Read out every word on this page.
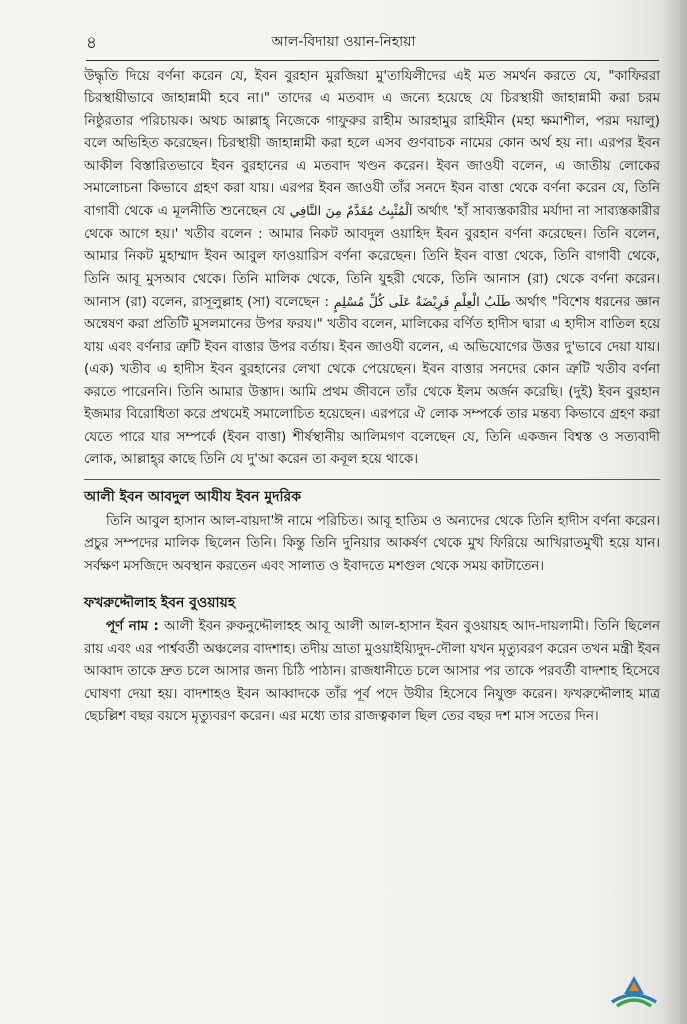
৪	আল-বিদায়া ওয়ান-নিহায়া

উদ্ধৃতি দিয়ে বর্ণনা করেন যে, ইবন বুরহান মুরজিয়া মু'তাযিলীদের এই মত সমর্থন করতে যে, "কাফিররা চিরস্থায়ীভাবে জাহান্নামী হবে না।" তাদের এ মতবাদ এ জন্যে হয়েছে যে চিরস্থায়ী জাহান্নামী করা চরম নিষ্ঠুরতার পরিচায়ক। অথচ আল্লাহ্ নিজেকে গাফুরুর রাহীম আরহামুর রাহিমীন (মহা ক্ষমাশীল, পরম দয়ালু) বলে অভিহিত করেছেন। চিরস্থায়ী জাহান্নামী করা হলে এসব গুণবাচক নামের কোন অর্থ হয় না। এরপর ইবন আকীল বিস্তারিতভাবে ইবন বুরহানের এ মতবাদ খণ্ডন করেন। ইবন জাওযী বলেন, এ জাতীয় লোকের সমালোচনা কিভাবে গ্রহণ করা যায়। এরপর ইবন জাওযী তাঁর সনদে ইবন বাত্তা থেকে বর্ণনা করেন যে, তিনি বাগাবী থেকে এ মূলনীতি শুনেছেন যে اَلْمُثْبِتُ مُقَدَّمٌ مِنَ النَّافِي অর্থাৎ 'হাঁ সাব্যস্তকারীর মর্যাদা না সাব্যস্তকারীর থেকে আগে হয়।' খতীব বলেন : আমার নিকট আবদুল ওয়াহিদ ইবন বুরহান বর্ণনা করেছেন। তিনি বলেন, আমার নিকট মুহাম্মাদ ইবন আবুল ফাওয়ারিস বর্ণনা করেছেন। তিনি ইবন বাত্তা থেকে, তিনি বাগাবী থেকে, তিনি আবূ মুসআব থেকে। তিনি মালিক থেকে, তিনি যুহরী থেকে, তিনি আনাস (রা) থেকে বর্ণনা করেন। আনাস (রা) বলেন, রাসূলুল্লাহ (সা) বলেছেন : طَلَبُ الْعِلْمِ فَرِيْضَةٌ عَلَى كُلِّ مُسْلِمٍ অর্থাৎ "বিশেষ ধরনের জ্ঞান অন্বেষণ করা প্রতিটি মুসলমানের উপর ফরয।" খতীব বলেন, মালিকের বর্ণিত হাদীস দ্বারা এ হাদীস বাতিল হয়ে যায় এবং বর্ণনার ত্রুটি ইবন বাত্তার উপর বর্তায়। ইবন জাওযী বলেন, এ অভিযোগের উত্তর দু'ভাবে দেয়া যায়। (এক) খতীব এ হাদীস ইবন বুরহানের লেখা থেকে পেয়েছেন। ইবন বাত্তার সনদের কোন ত্রুটি খতীব বর্ণনা করতে পারেননি। তিনি আমার উস্তাদ। আমি প্রথম জীবনে তাঁর থেকে ইলম অর্জন করেছি। (দুই) ইবন বুরহান ইজমার বিরোধিতা করে প্রথমেই সমালোচিত হয়েছেন। এরপরে ঐ লোক সম্পর্কে তার মন্তব্য কিভাবে গ্রহণ করা যেতে পারে যার সম্পর্কে (ইবন বাত্তা) শীর্ষস্থানীয় আলিমগণ বলেছেন যে, তিনি একজন বিশ্বস্ত ও সত্যবাদী লোক, আল্লাহ্‌র কাছে তিনি যে দু'আ করেন তা কবূল হয়ে থাকে।

আলী ইবন আবদুল আযীয ইবন মুদরিক

তিনি আবুল হাসান আল-বায়দা'ঈ নামে পরিচিত। আবূ হাতিম ও অন্যদের থেকে তিনি হাদীস বর্ণনা করেন। প্রচুর সম্পদের মালিক ছিলেন তিনি। কিন্তু তিনি দুনিয়ার আকর্ষণ থেকে মুখ ফিরিয়ে আখিরাতমুখী হয়ে যান। সর্বক্ষণ মসজিদে অবস্থান করতেন এবং সালাত ও ইবাদতে মশগুল থেকে সময় কাটাতেন।

ফখরুদ্দৌলাহ ইবন বুওয়ায়হ

পূর্ণ নাম : আলী ইবন রুকনুদ্দৌলাহহ আবূ আলী আল-হাসান ইবন বুওয়ায়হ আদ-দায়লামী। তিনি ছিলেন রায় এবং এর পার্শ্ববর্তী অঞ্চলের বাদশাহ। তদীয় ভ্রাতা মুওয়াইয়্যিদুদ-দৌলা যখন মৃত্যুবরণ করেন তখন মন্ত্রী ইবন আব্বাদ তাকে দ্রুত চলে আসার জন্য চিঠি পাঠান। রাজধানীতে চলে আসার পর তাকে পরবর্তী বাদশাহ হিসেবে ঘোষণা দেয়া হয়। বাদশাহও ইবন আব্বাদকে তাঁর পূর্ব পদে উযীর হিসেবে নিযুক্ত করেন। ফখরুদ্দৌলাহ মাত্র ছেচল্লিশ বছর বয়সে মৃত্যুবরণ করেন। এর মধ্যে তার রাজত্বকাল ছিল তের বছর দশ মাস সতের দিন।
